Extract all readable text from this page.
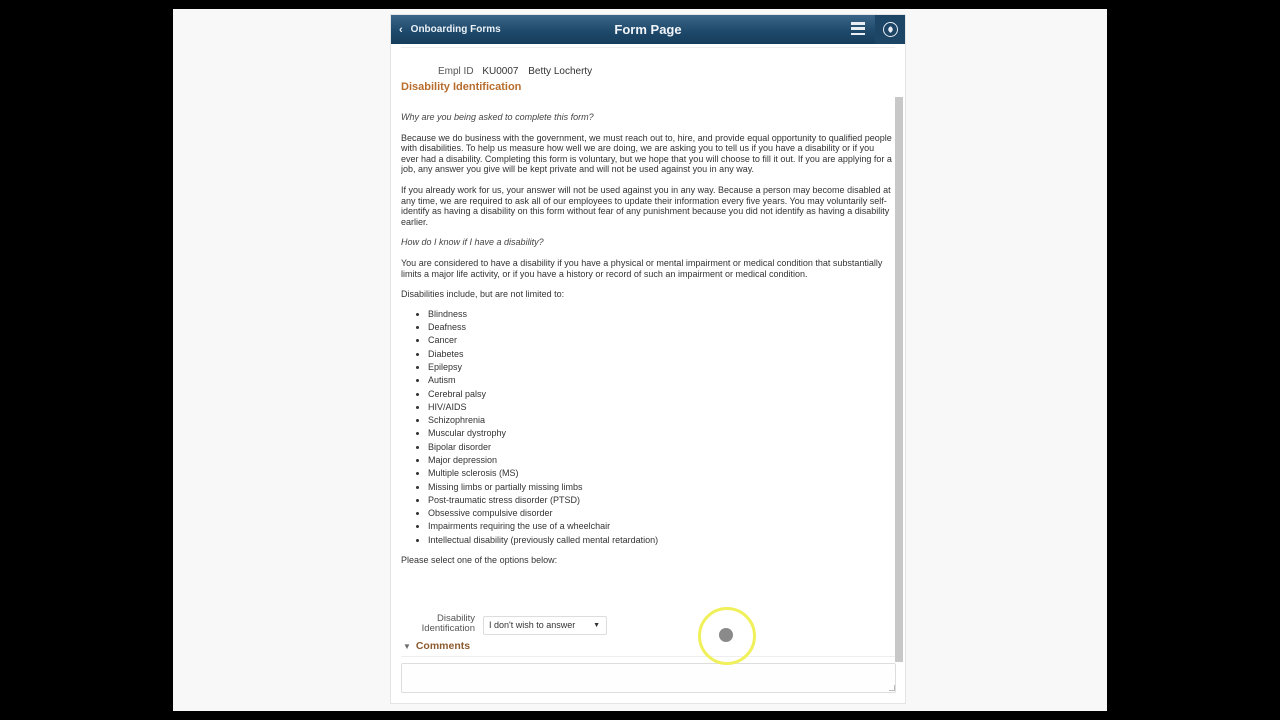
‹ Onboarding Forms	Form Page
Empl ID KU0007 Betty Locherty
Disability Identification

Why are you being asked to complete this form?

Because we do business with the government, we must reach out to, hire, and provide equal opportunity to qualified people with disabilities. To help us measure how well we are doing, we are asking you to tell us if you have a disability or if you ever had a disability. Completing this form is voluntary, but we hope that you will choose to fill it out. If you are applying for a job, any answer you give will be kept private and will not be used against you in any way.

If you already work for us, your answer will not be used against you in any way. Because a person may become disabled at any time, we are required to ask all of our employees to update their information every five years. You may voluntarily self-identify as having a disability on this form without fear of any punishment because you did not identify as having a disability earlier.

How do I know if I have a disability?

You are considered to have a disability if you have a physical or mental impairment or medical condition that substantially limits a major life activity, or if you have a history or record of such an impairment or medical condition.

Disabilities include, but are not limited to:

• Blindness
• Deafness
• Cancer
• Diabetes
• Epilepsy
• Autism
• Cerebral palsy
• HIV/AIDS
• Schizophrenia
• Muscular dystrophy
• Bipolar disorder
• Major depression
• Multiple sclerosis (MS)
• Missing limbs or partially missing limbs
• Post-traumatic stress disorder (PTSD)
• Obsessive compulsive disorder
• Impairments requiring the use of a wheelchair
• Intellectual disability (previously called mental retardation)

Please select one of the options below:

Disability
Identification	I don't wish to answer	▼
▼ Comments
